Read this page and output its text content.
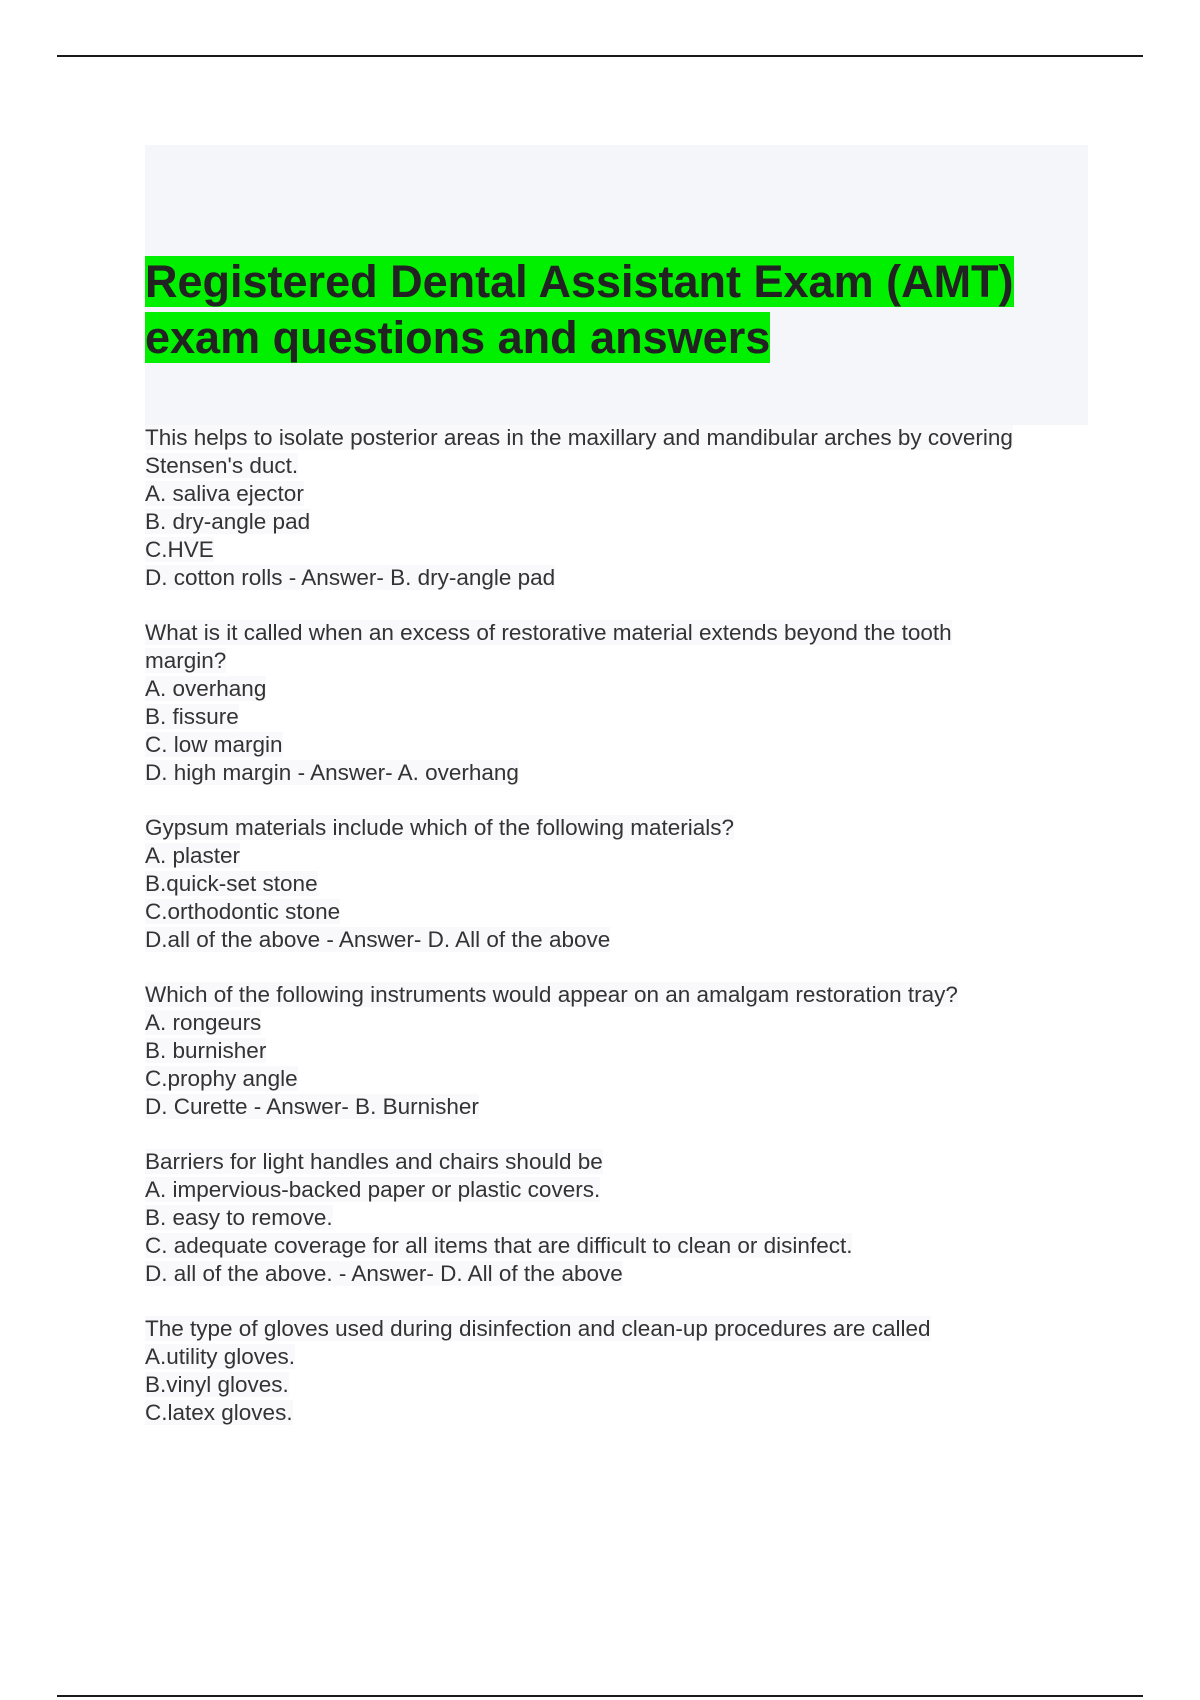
Registered Dental Assistant Exam (AMT)
exam questions and answers
This helps to isolate posterior areas in the maxillary and mandibular arches by covering
Stensen's duct.
A. saliva ejector
B. dry-angle pad
C.HVE
D. cotton rolls - Answer- B. dry-angle pad
What is it called when an excess of restorative material extends beyond the tooth
margin?
A. overhang
B. fissure
C. low margin
D. high margin - Answer- A. overhang
Gypsum materials include which of the following materials?
A. plaster
B.quick-set stone
C.orthodontic stone
D.all of the above - Answer- D. All of the above
Which of the following instruments would appear on an amalgam restoration tray?
A. rongeurs
B. burnisher
C.prophy angle
D. Curette - Answer- B. Burnisher
Barriers for light handles and chairs should be
A. impervious-backed paper or plastic covers.
B. easy to remove.
C. adequate coverage for all items that are difficult to clean or disinfect.
D. all of the above. - Answer- D. All of the above
The type of gloves used during disinfection and clean-up procedures are called
A.utility gloves.
B.vinyl gloves.
C.latex gloves.
